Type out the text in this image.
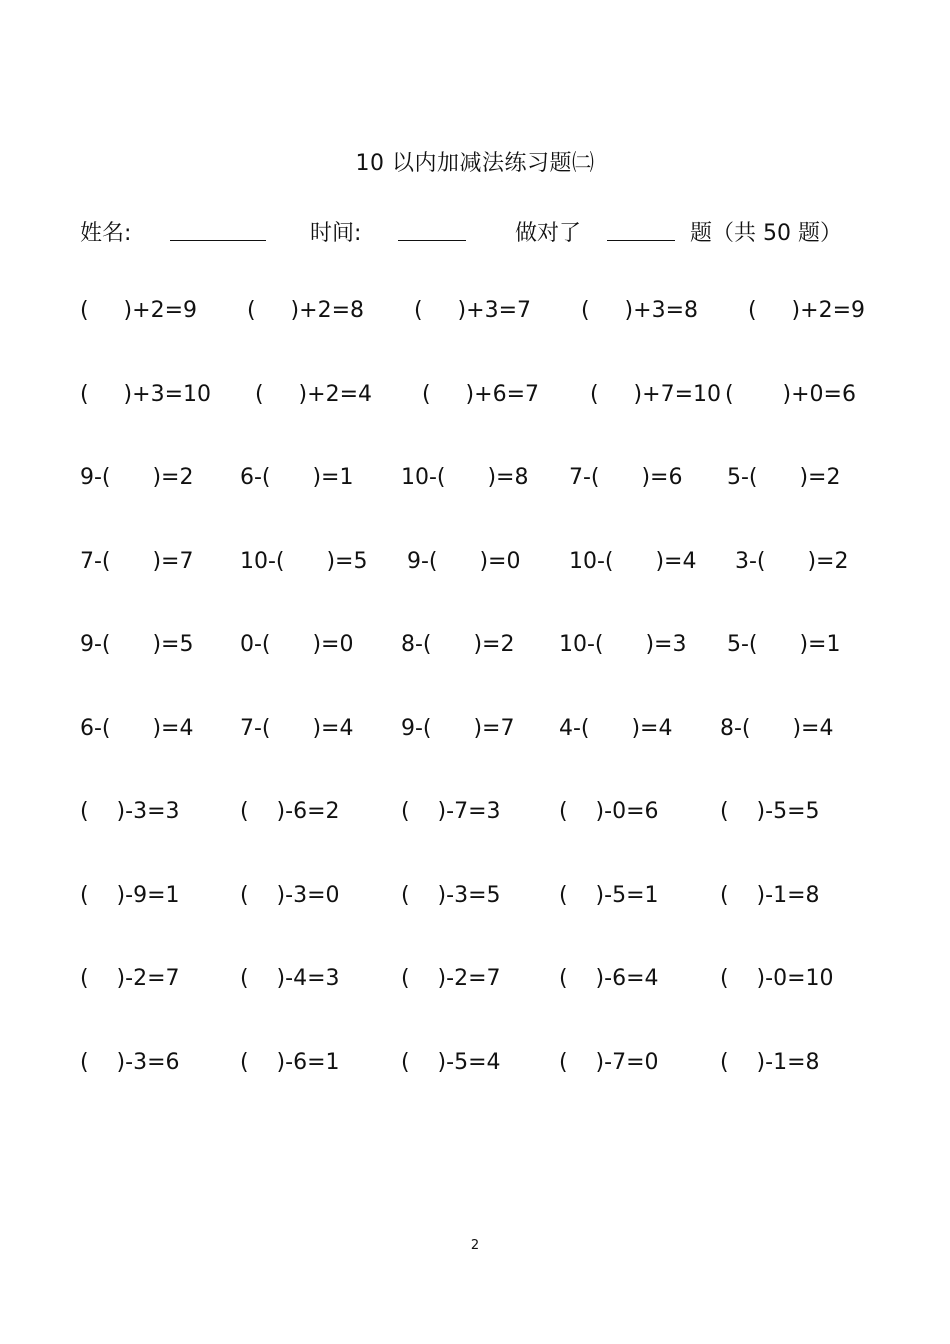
10 以内加减法练习题㈡
姓名:	时间:	做对了	题（共 50 题）
(     )+2=9 (     )+2=8 (     )+3=7 (     )+3=8 (     )+2=9
(     )+3=10 (     )+2=4 (     )+6=7 (     )+7=10 (       )+0=6
9-(      )=2 6-(      )=1 10-(      )=8 7-(      )=6 5-(      )=2
7-(      )=7 10-(      )=5 9-(      )=0 10-(      )=4 3-(      )=2
9-(      )=5 0-(      )=0 8-(      )=2 10-(      )=3 5-(      )=1
6-(      )=4 7-(      )=4 9-(      )=7 4-(      )=4 8-(      )=4
(    )-3=3	(    )-6=2	(    )-7=3	(    )-0=6	(    )-5=5
(    )-9=1	(    )-3=0	(    )-3=5	(    )-5=1	(    )-1=8
(    )-2=7	(    )-4=3	(    )-2=7	(    )-6=4	(    )-0=10
(    )-3=6	(    )-6=1	(    )-5=4	(    )-7=0	(    )-1=8
2
